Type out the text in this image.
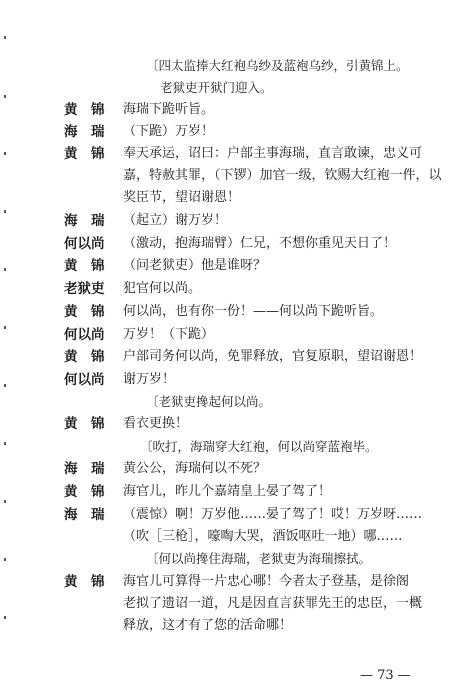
〔四太监捧大红袍乌纱及蓝袍乌纱，引黄锦上。
老狱吏开狱门迎入。
黄　锦 海瑞下跪听旨。
海　瑞 （下跪）万岁！
黄　锦 奉天承运，诏曰：户部主事海瑞，直言敢谏，忠义可
嘉，特赦其罪，（下锣）加官一级，钦赐大红袍一件，以
奖臣节，望诏谢恩！
海　瑞 （起立）谢万岁！
何以尚 （激动，抱海瑞臂）仁兄，不想你重见天日了！
黄　锦 （问老狱吏）他是谁呀？
老狱吏 犯官何以尚。
黄　锦 何以尚，也有你一份！——何以尚下跪听旨。
何以尚 万岁！（下跪）
黄　锦 户部司务何以尚，免罪释放，官复原职，望诏谢恩！
何以尚 谢万岁！
〔老狱吏搀起何以尚。
黄　锦 看衣更换！
〔吹打，海瑞穿大红袍，何以尚穿蓝袍毕。
海　瑞 黄公公，海瑞何以不死？
黄　锦 海官儿，昨儿个嘉靖皇上晏了驾了！
海　瑞 （震惊）啊！万岁他……晏了驾了！哎！万岁呀……
（吹［三枪］，嚎啕大哭，酒饭呕吐一地）哪……
〔何以尚搀住海瑞，老狱吏为海瑞擦拭。
黄　锦 海官儿可算得一片忠心哪！今者太子登基，是徐阁
老拟了遗诏一道，凡是因直言获罪先王的忠臣，一概
释放，这才有了您的活命哪！
— 73 —
